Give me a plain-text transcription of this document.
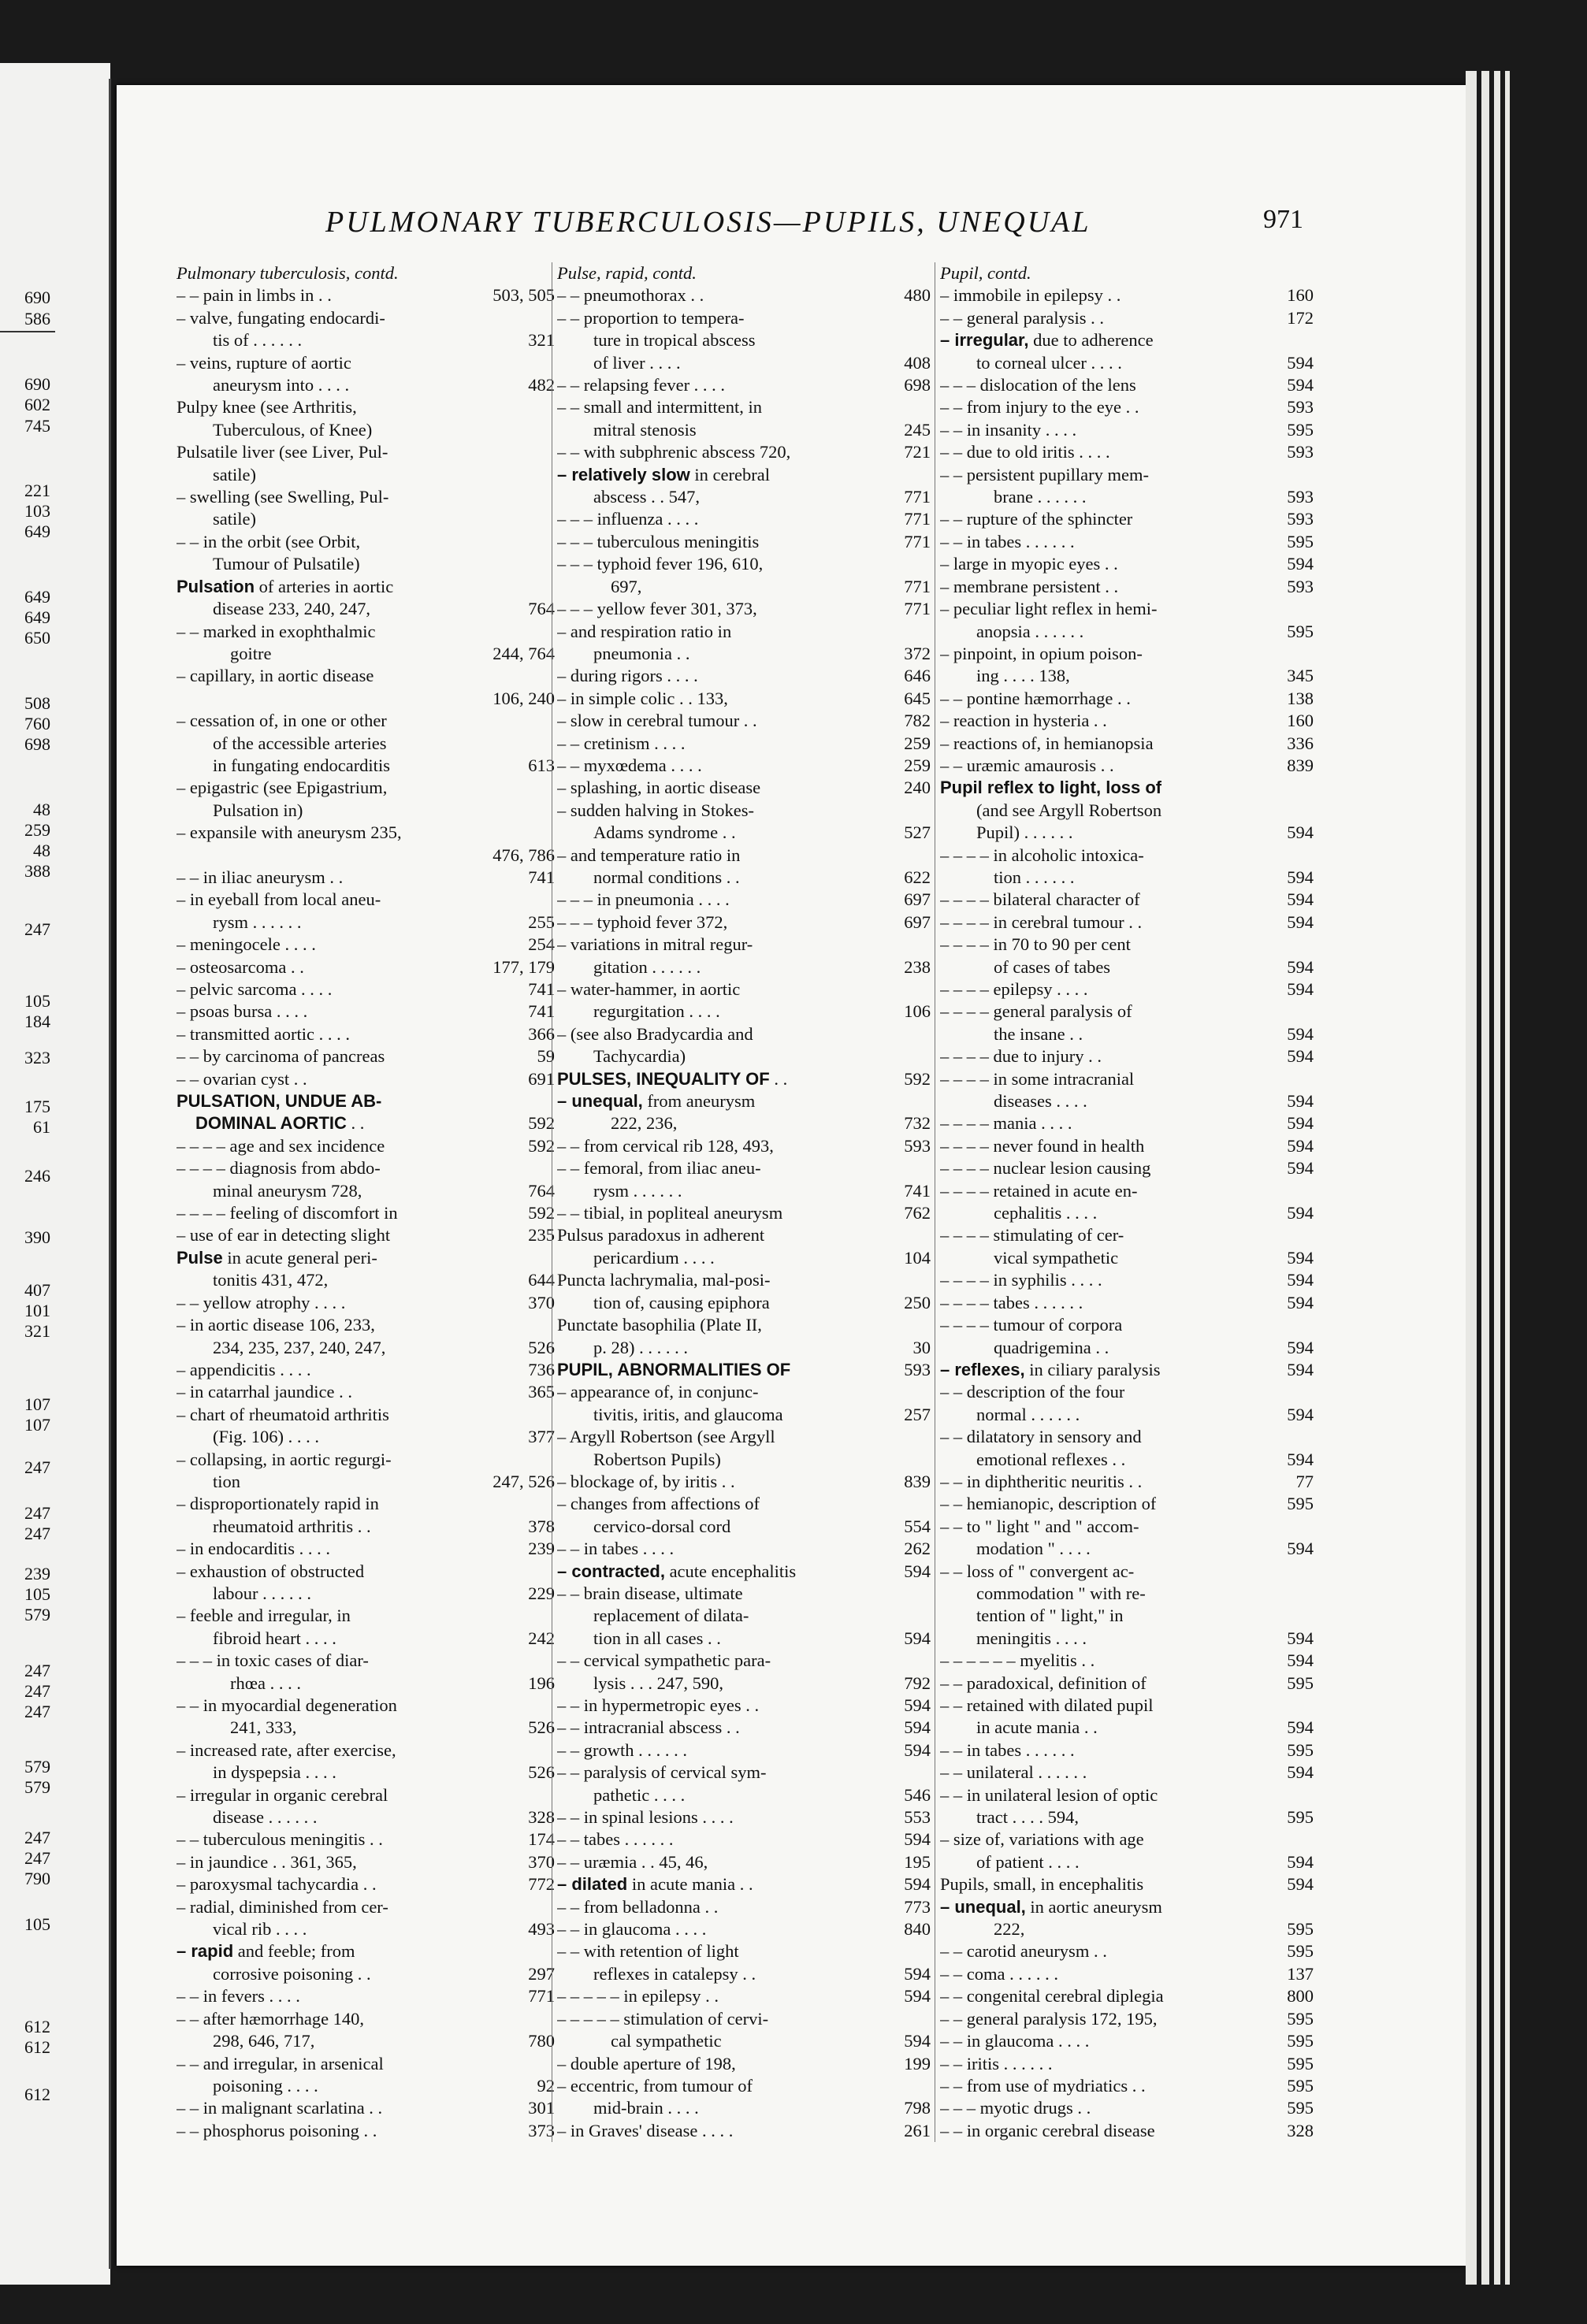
690
586
690
602
745
221
103
649
649
649
650
508
760
698
48
259
48
388
247
105
184
323
175
61
246
390
407
101
321
107
107
247
247
247
239
105
579
247
247
247
579
579
247
247
790
105
612
612
612
PULMONARY TUBERCULOSIS—PUPILS, UNEQUAL	971
Pulmonary tuberculosis, contd.
– – pain in limbs in . .	503, 505
– valve, fungating endocardi-
tis of . . . . . .	321
– veins, rupture of aortic
aneurysm into . . . .	482
Pulpy knee (see Arthritis,
Tuberculous, of Knee)
Pulsatile liver (see Liver, Pul-
satile)
– swelling (see Swelling, Pul-
satile)
– – in the orbit (see Orbit,
Tumour of Pulsatile)
Pulsation of arteries in aortic
disease 233, 240, 247,	764
– – marked in exophthalmic
goitre	244, 764
– capillary, in aortic disease
106, 240
– cessation of, in one or other
of the accessible arteries
in fungating endocarditis	613
– epigastric (see Epigastrium,
Pulsation in)
– expansile with aneurysm 235,
476, 786
– – in iliac aneurysm . .	741
– in eyeball from local aneu-
rysm . . . . . .	255
– meningocele . . . .	254
– osteosarcoma . .	177, 179
– pelvic sarcoma . . . .	741
– psoas bursa . . . .	741
– transmitted aortic . . . .	366
– – by carcinoma of pancreas	59
– – ovarian cyst . .	691
PULSATION, UNDUE AB-
DOMINAL AORTIC . .	592
– – – – age and sex incidence	592
– – – – diagnosis from abdo-
minal aneurysm 728,	764
– – – – feeling of discomfort in	592
– use of ear in detecting slight	235
Pulse in acute general peri-
tonitis 431, 472,	644
– – yellow atrophy . . . .	370
– in aortic disease 106, 233,
234, 235, 237, 240, 247,	526
– appendicitis . . . .	736
– in catarrhal jaundice . .	365
– chart of rheumatoid arthritis
(Fig. 106) . . . .	377
– collapsing, in aortic regurgi-
tion	247, 526
– disproportionately rapid in
rheumatoid arthritis . .	378
– in endocarditis . . . .	239
– exhaustion of obstructed
labour . . . . . .	229
– feeble and irregular, in
fibroid heart . . . .	242
– – – in toxic cases of diar-
rhœa . . . .	196
– – in myocardial degeneration
241, 333,	526
– increased rate, after exercise,
in dyspepsia . . . .	526
– irregular in organic cerebral
disease . . . . . .	328
– – tuberculous meningitis . .	174
– in jaundice . . 361, 365,	370
– paroxysmal tachycardia . .	772
– radial, diminished from cer-
vical rib . . . .	493
– rapid and feeble; from
corrosive poisoning . .	297
– – in fevers . . . .	771
– – after hæmorrhage 140,
298, 646, 717,	780
– – and irregular, in arsenical
poisoning . . . .	92
– – in malignant scarlatina . .	301
– – phosphorus poisoning . .	373
Pulse, rapid, contd.
– – pneumothorax . .	480
– – proportion to tempera-
ture in tropical abscess
of liver . . . .	408
– – relapsing fever . . . .	698
– – small and intermittent, in
mitral stenosis	245
– – with subphrenic abscess 720,	721
– relatively slow in cerebral
abscess . . 547,	771
– – – influenza . . . .	771
– – – tuberculous meningitis	771
– – – typhoid fever 196, 610,
697,	771
– – – yellow fever 301, 373,	771
– and respiration ratio in
pneumonia . .	372
– during rigors . . . .	646
– in simple colic . . 133,	645
– slow in cerebral tumour . .	782
– – cretinism . . . .	259
– – myxœdema . . . .	259
– splashing, in aortic disease	240
– sudden halving in Stokes-
Adams syndrome . .	527
– and temperature ratio in
normal conditions . .	622
– – – in pneumonia . . . .	697
– – – typhoid fever 372,	697
– variations in mitral regur-
gitation . . . . . .	238
– water-hammer, in aortic
regurgitation . . . .	106
– (see also Bradycardia and
Tachycardia)
PULSES, INEQUALITY OF . .	592
– unequal, from aneurysm
222, 236,	732
– – from cervical rib 128, 493,	593
– – femoral, from iliac aneu-
rysm . . . . . .	741
– – tibial, in popliteal aneurysm	762
Pulsus paradoxus in adherent
pericardium . . . .	104
Puncta lachrymalia, mal-posi-
tion of, causing epiphora	250
Punctate basophilia (Plate II,
p. 28) . . . . . .	30
PUPIL, ABNORMALITIES OF	593
– appearance of, in conjunc-
tivitis, iritis, and glaucoma	257
– Argyll Robertson (see Argyll
Robertson Pupils)
– blockage of, by iritis . .	839
– changes from affections of
cervico-dorsal cord	554
– – in tabes . . . .	262
– contracted, acute encephalitis	594
– – brain disease, ultimate
replacement of dilata-
tion in all cases . .	594
– – cervical sympathetic para-
lysis . . . 247, 590,	792
– – in hypermetropic eyes . .	594
– – intracranial abscess . .	594
– – growth . . . . . .	594
– – paralysis of cervical sym-
pathetic . . . .	546
– – in spinal lesions . . . .	553
– – tabes . . . . . .	594
– – uræmia . . 45, 46,	195
– dilated in acute mania . .	594
– – from belladonna . .	773
– – in glaucoma . . . .	840
– – with retention of light
reflexes in catalepsy . .	594
– – – – – in epilepsy . .	594
– – – – – stimulation of cervi-
cal sympathetic	594
– double aperture of 198,	199
– eccentric, from tumour of
mid-brain . . . .	798
– in Graves' disease . . . .	261
Pupil, contd.
– immobile in epilepsy . .	160
– – general paralysis . .	172
– irregular, due to adherence
to corneal ulcer . . . .	594
– – – dislocation of the lens	594
– – from injury to the eye . .	593
– – in insanity . . . .	595
– – due to old iritis . . . .	593
– – persistent pupillary mem-
brane . . . . . .	593
– – rupture of the sphincter	593
– – in tabes . . . . . .	595
– large in myopic eyes . .	594
– membrane persistent . .	593
– peculiar light reflex in hemi-
anopsia . . . . . .	595
– pinpoint, in opium poison-
ing . . . . 138,	345
– – pontine hæmorrhage . .	138
– reaction in hysteria . .	160
– reactions of, in hemianopsia	336
– – uræmic amaurosis . .	839
Pupil reflex to light, loss of
(and see Argyll Robertson
Pupil) . . . . . .	594
– – – – in alcoholic intoxica-
tion . . . . . .	594
– – – – bilateral character of	594
– – – – in cerebral tumour . .	594
– – – – in 70 to 90 per cent
of cases of tabes	594
– – – – epilepsy . . . .	594
– – – – general paralysis of
the insane . .	594
– – – – due to injury . .	594
– – – – in some intracranial
diseases . . . .	594
– – – – mania . . . .	594
– – – – never found in health	594
– – – – nuclear lesion causing	594
– – – – retained in acute en-
cephalitis . . . .	594
– – – – stimulating of cer-
vical sympathetic	594
– – – – in syphilis . . . .	594
– – – – tabes . . . . . .	594
– – – – tumour of corpora
quadrigemina . .	594
– reflexes, in ciliary paralysis	594
– – description of the four
normal . . . . . .	594
– – dilatatory in sensory and
emotional reflexes . .	594
– – in diphtheritic neuritis . .	77
– – hemianopic, description of	595
– – to " light " and " accom-
modation " . . . .	594
– – loss of " convergent ac-
commodation " with re-
tention of " light," in
meningitis . . . .	594
– – – – – – myelitis . .	594
– – paradoxical, definition of	595
– – retained with dilated pupil
in acute mania . .	594
– – in tabes . . . . . .	595
– – unilateral . . . . . .	594
– – in unilateral lesion of optic
tract . . . . 594,	595
– size of, variations with age
of patient . . . .	594
Pupils, small, in encephalitis	594
– unequal, in aortic aneurysm
222,	595
– – carotid aneurysm . .	595
– – coma . . . . . .	137
– – congenital cerebral diplegia	800
– – general paralysis 172, 195,	595
– – in glaucoma . . . .	595
– – iritis . . . . . .	595
– – from use of mydriatics . .	595
– – – myotic drugs . .	595
– – in organic cerebral disease	328
